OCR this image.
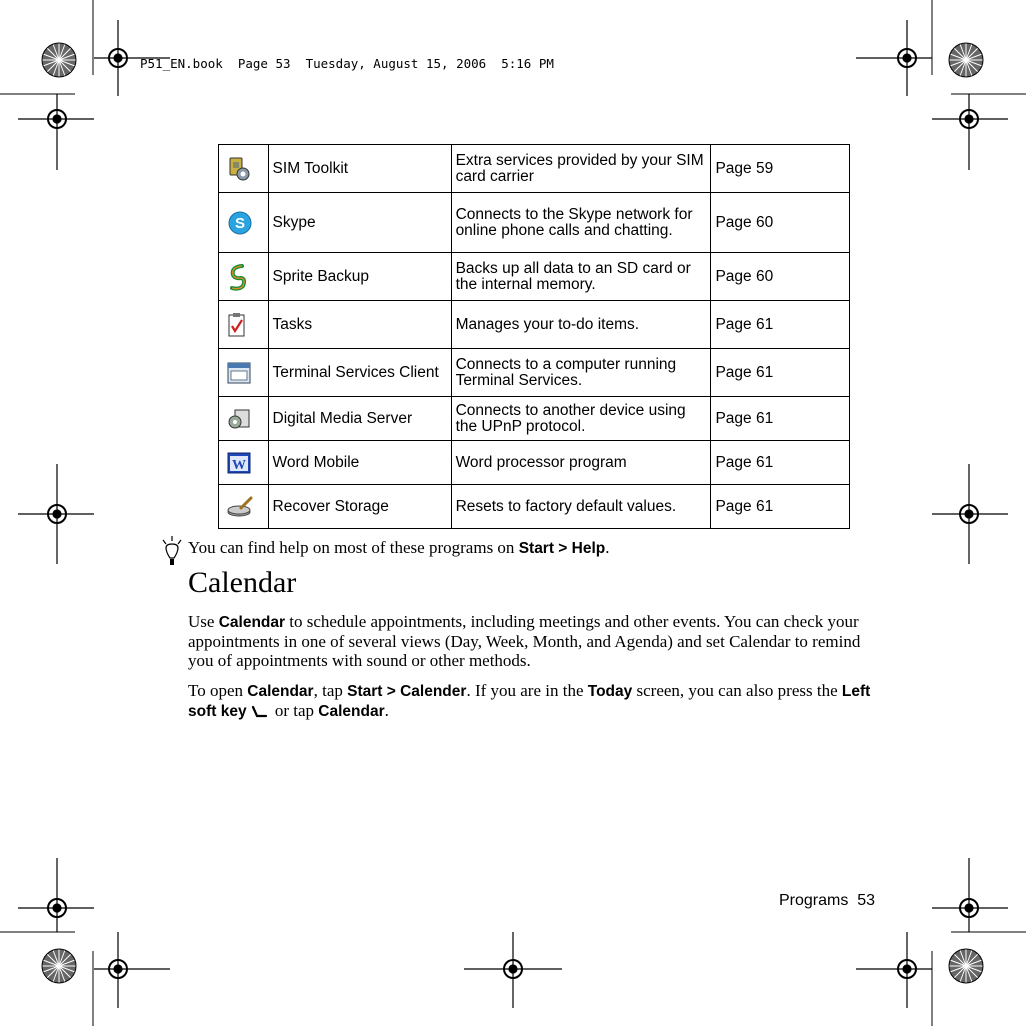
P51_EN.book  Page 53  Tuesday, August 15, 2006  5:16 PM
	SIM Toolkit	Extra services provided by your SIM card carrier	Page 59

S	Skype	Connects to the Skype network for online phone calls and chatting.	Page 60

	Sprite Backup	Backs up all data to an SD card or the internal memory.	Page 60

	Tasks	Manages your to-do items.	Page 61

	Terminal Services Client	Connects to a computer running Terminal Services.	Page 61

	Digital Media Server	Connects to another device using the UPnP protocol.	Page 61

W	Word Mobile	Word processor program	Page 61

	Recover Storage	Resets to factory default values.	Page 61
You can find help on most of these programs on Start > Help.
Calendar

Use Calendar to schedule appointments, including meetings and other events. You can check your appointments in one of several views (Day, Week, Month, and Agenda) and set Calendar to remind you of appointments with sound or other methods.

To open Calendar, tap Start > Calender. If you are in the Today screen, you can also press the Left soft key or tap Calendar.

Programs 53
